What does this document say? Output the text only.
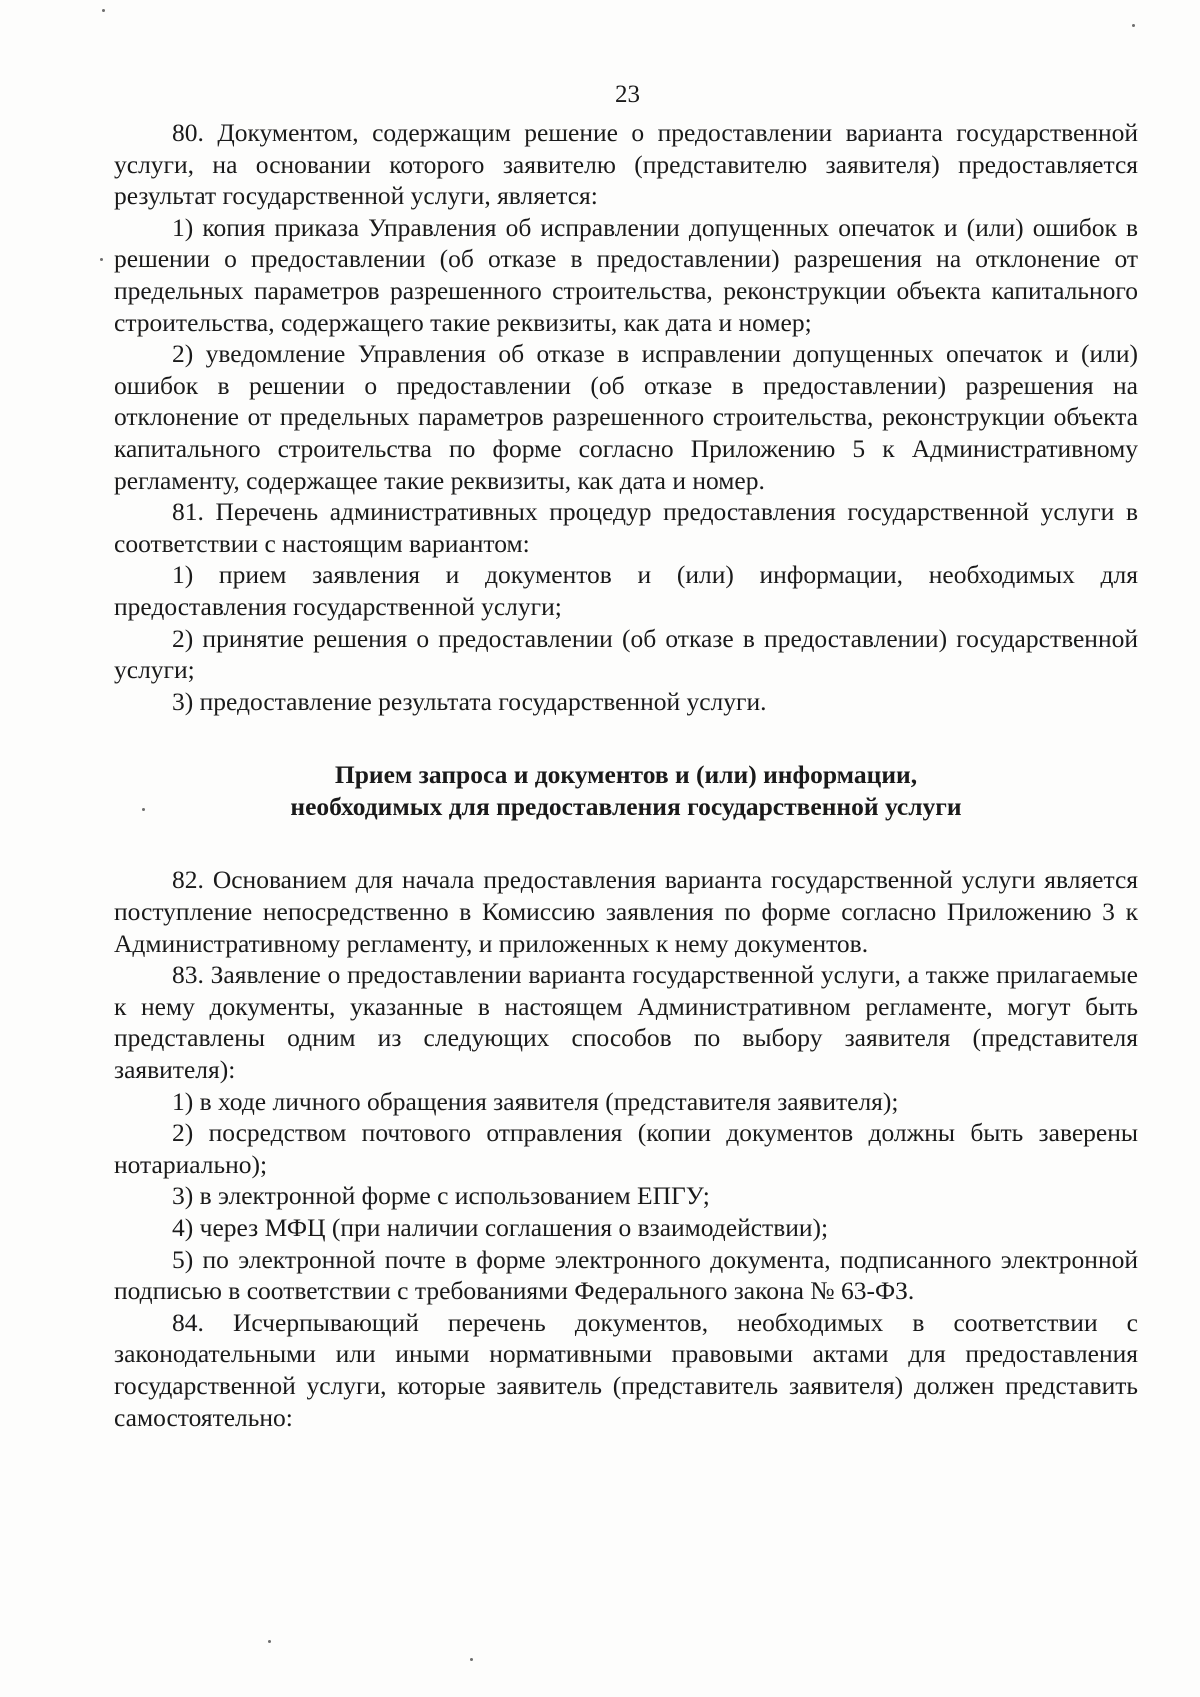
23

80. Документом, содержащим решение о предоставлении варианта государственной услуги, на основании которого заявителю (представителю заявителя) предоставляется результат государственной услуги, является:

1) копия приказа Управления об исправлении допущенных опечаток и (или) ошибок в решении о предоставлении (об отказе в предоставлении) разрешения на отклонение от предельных параметров разрешенного строительства, реконструкции объекта капитального строительства, содержащего такие реквизиты, как дата и номер;

2) уведомление Управления об отказе в исправлении допущенных опечаток и (или) ошибок в решении о предоставлении (об отказе в предоставлении) разрешения на отклонение от предельных параметров разрешенного строительства, реконструкции объекта капитального строительства по форме согласно Приложению 5 к Административному регламенту, содержащее такие реквизиты, как дата и номер.

81. Перечень административных процедур предоставления государственной услуги в соответствии с настоящим вариантом:

1) прием заявления и документов и (или) информации, необходимых для предоставления государственной услуги;

2) принятие решения о предоставлении (об отказе в предоставлении) государственной услуги;

3) предоставление результата государственной услуги.

Прием запроса и документов и (или) информации,
необходимых для предоставления государственной услуги

82. Основанием для начала предоставления варианта государственной услуги является поступление непосредственно в Комиссию заявления по форме согласно Приложению 3 к Административному регламенту, и приложенных к нему документов.

83. Заявление о предоставлении варианта государственной услуги, а также прилагаемые к нему документы, указанные в настоящем Административном регламенте, могут быть представлены одним из следующих способов по выбору заявителя (представителя заявителя):

1) в ходе личного обращения заявителя (представителя заявителя);

2) посредством почтового отправления (копии документов должны быть заверены нотариально);

3) в электронной форме с использованием ЕПГУ;

4) через МФЦ (при наличии соглашения о взаимодействии);

5) по электронной почте в форме электронного документа, подписанного электронной подписью в соответствии с требованиями Федерального закона № 63-ФЗ.

84. Исчерпывающий перечень документов, необходимых в соответствии с законодательными или иными нормативными правовыми актами для предоставления государственной услуги, которые заявитель (представитель заявителя) должен представить самостоятельно:
